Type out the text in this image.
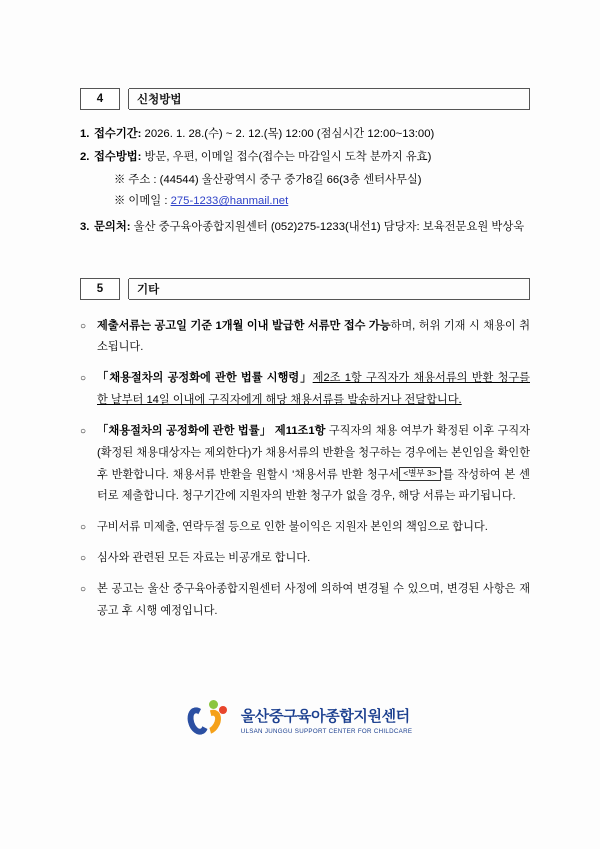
4	신청방법
1. 접수기간: 2026. 1. 28.(수) ~ 2. 12.(목) 12:00 (점심시간 12:00~13:00)
2. 접수방법: 방문, 우편, 이메일 접수(접수는 마감일시 도착 분까지 유효)
※ 주소 : (44544) 울산광역시 중구 중가8길 66(3층 센터사무실)
※ 이메일 : 275-1233@hanmail.net
3. 문의처: 울산 중구육아종합지원센터 (052)275-1233(내선1) 담당자: 보육전문요원 박상욱
5	기타
○ 제출서류는 공고일 기준 1개월 이내 발급한 서류만 접수 가능하며, 허위 기재 시 채용이 취소됩니다.
○ 「채용절차의 공정화에 관한 법률 시행령」제2조 1항 구직자가 채용서류의 반환 청구를 한 날부터 14일 이내에 구직자에게 해당 채용서류를 발송하거나 전달합니다.
○ 「채용절차의 공정화에 관한 법률」 제11조1항 구직자의 채용 여부가 확정된 이후 구직자(확정된 채용대상자는 제외한다)가 채용서류의 반환을 청구하는 경우에는 본인임을 확인한 후 반환합니다. 채용서류 반환을 원할시 '채용서류 반환 청구서 <별부 3> '를 작성하여 본 센터로 제출합니다. 청구기간에 지원자의 반환 청구가 없을 경우, 해당 서류는 파기됩니다.
○ 구비서류 미제출, 연락두절 등으로 인한 불이익은 지원자 본인의 책임으로 합니다.
○ 심사와 관련된 모든 자료는 비공개로 합니다.
○ 본 공고는 울산 중구육아종합지원센터 사정에 의하여 변경될 수 있으며, 변경된 사항은 재공고 후 시행 예정입니다.
울산중구육아종합지원센터
ULSAN JUNGGU SUPPORT CENTER FOR CHILDCARE
